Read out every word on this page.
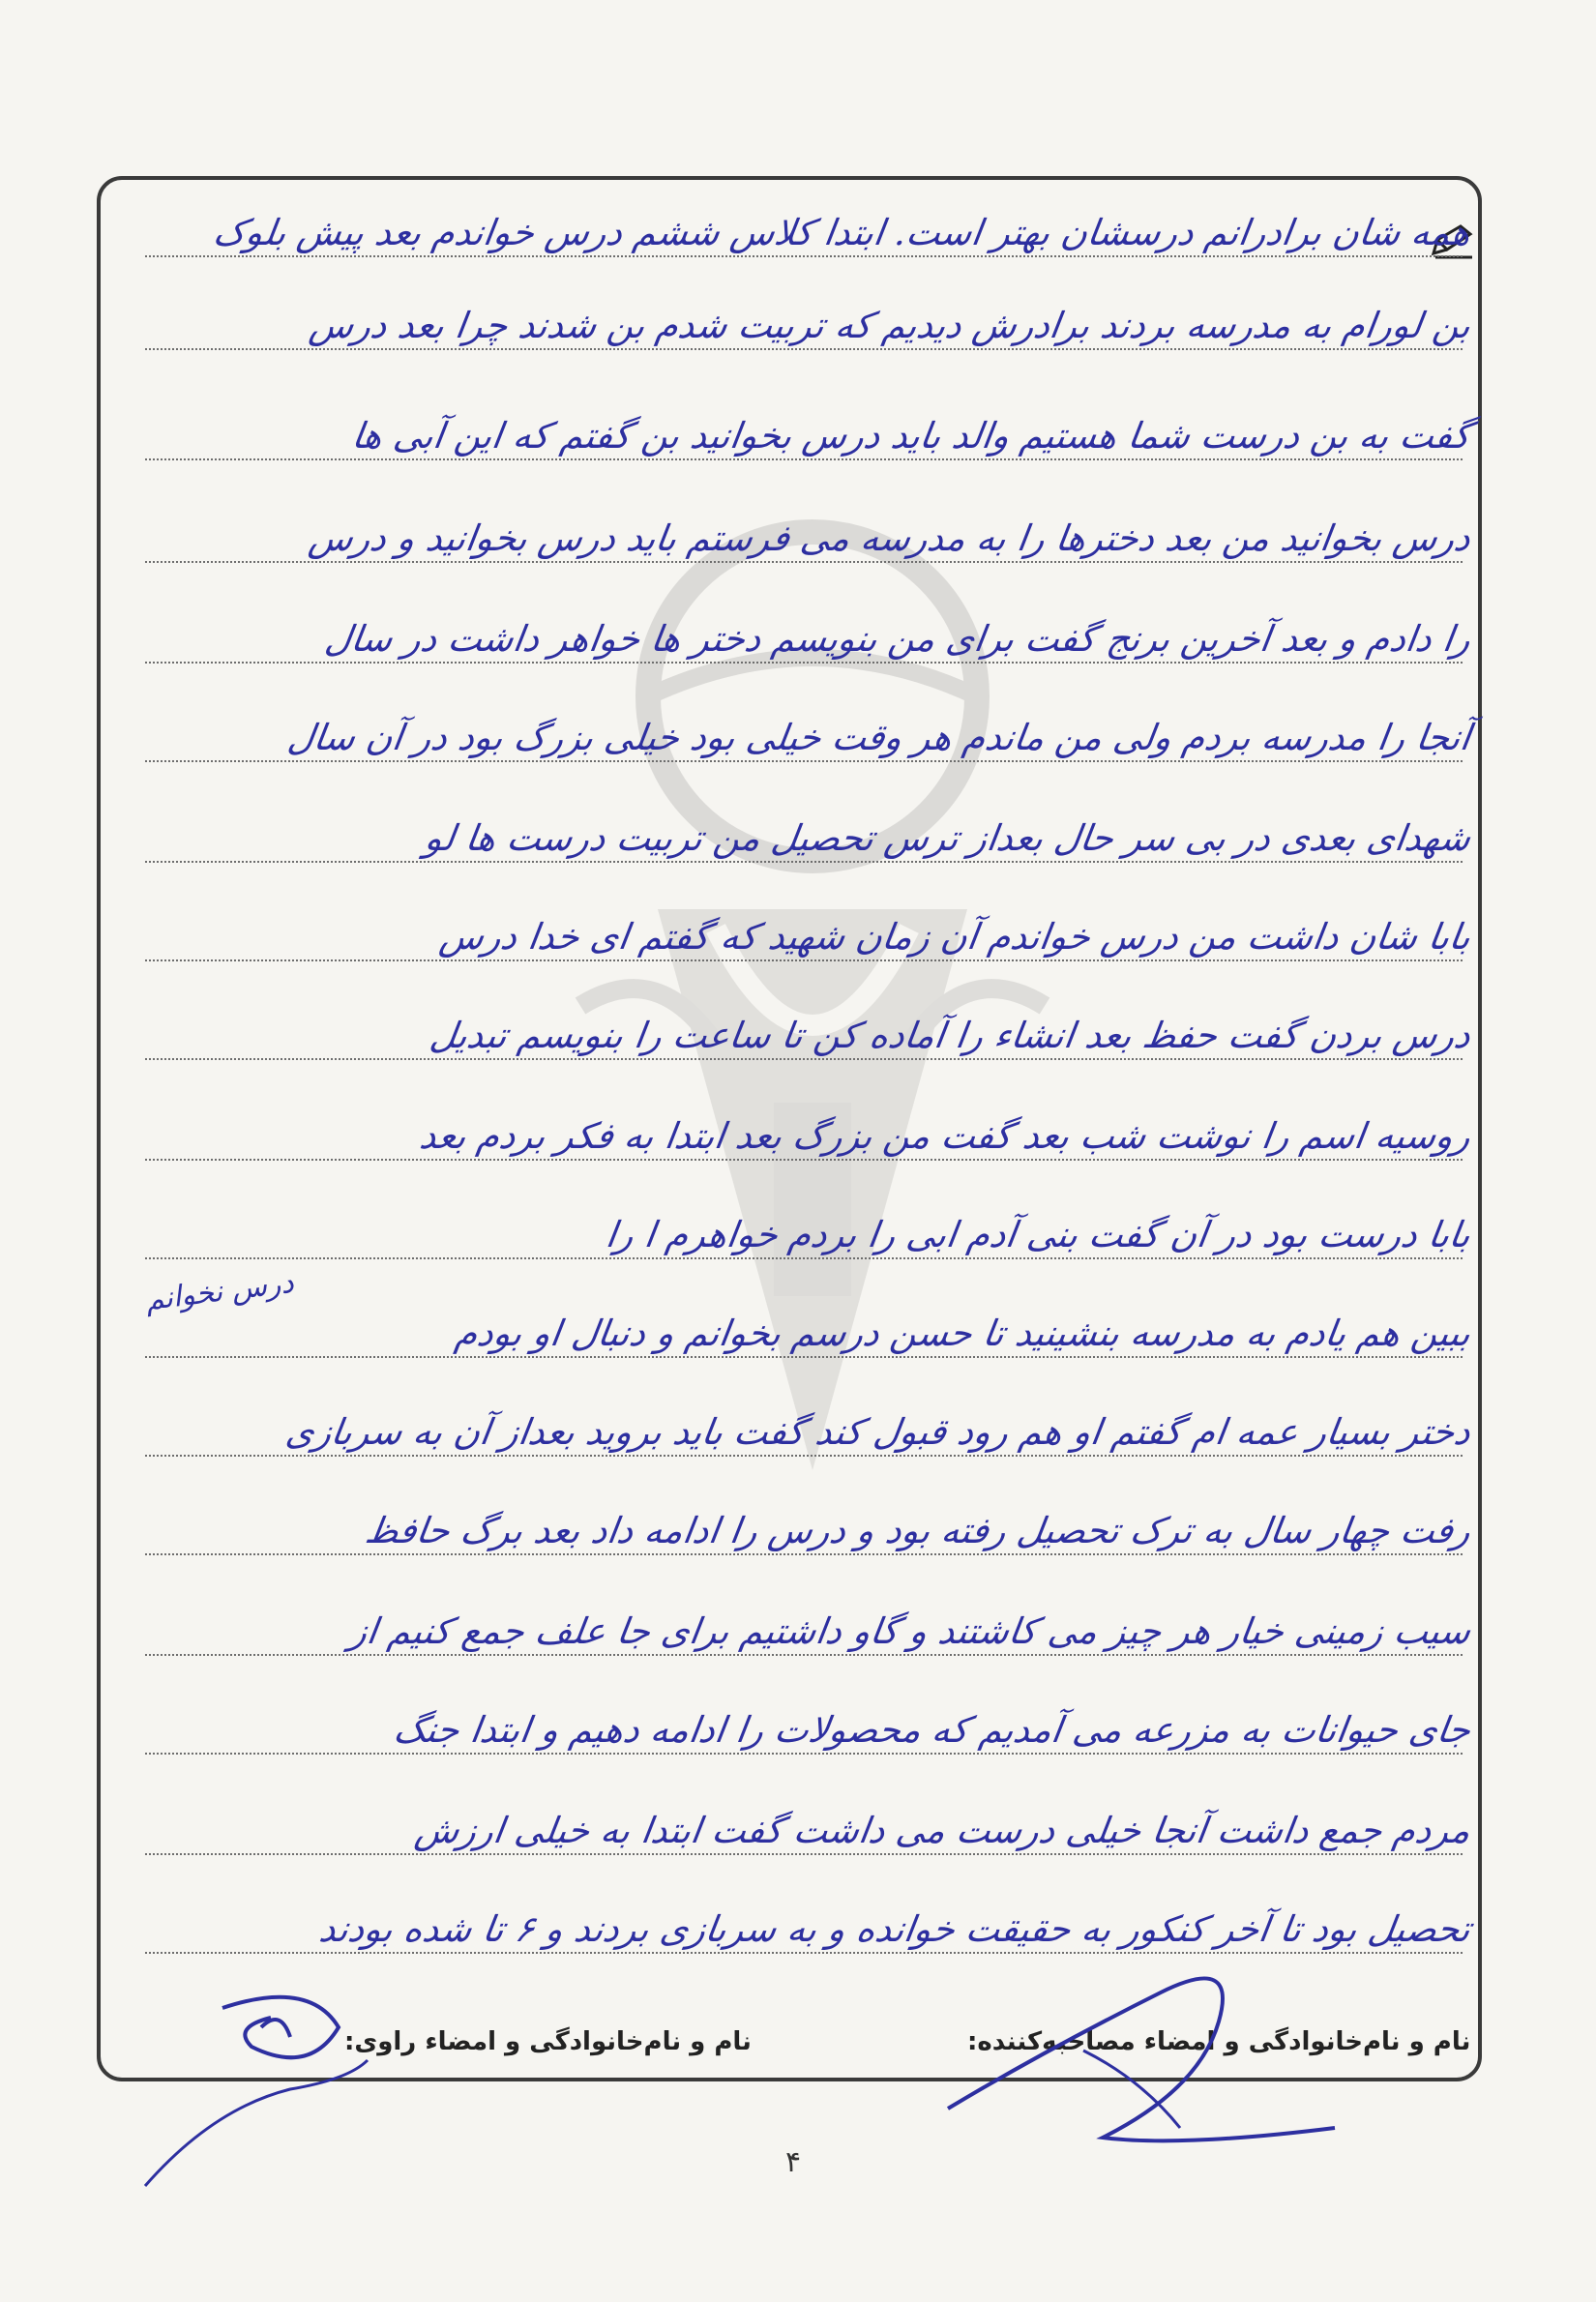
همه شان برادرانم درسشان بهتر است. ابتدا کلاس ششم درس خواندم بعد پیش بلوک
بن لورام به مدرسه بردند برادرش دیدیم که تربیت شدم بن شدند چرا بعد درس
گفت به بن درست شما هستیم والد باید درس بخوانید بن گفتم که این آبی ها
درس بخوانید من بعد دخترها را به مدرسه می فرستم باید درس بخوانید و درس
را دادم و بعد آخرین برنج گفت برای من بنویسم دختر ها خواهر داشت در سال
آنجا را مدرسه بردم ولی من ماندم هر وقت خیلی بود خیلی بزرگ بود در آن سال
شهدای بعدی در بی سر حال بعداز ترس تحصیل من تربیت درست ها لو
بابا شان داشت من درس خواندم آن زمان شهید که گفتم ای خدا درس
درس بردن گفت حفظ بعد انشاء را آماده کن تا ساعت را بنویسم تبدیل
روسیه اسم را نوشت شب بعد گفت من بزرگ بعد ابتدا به فکر بردم بعد
بابا درست بود در آن گفت بنی آدم ابی را بردم خواهرم ا را
ببین هم یادم به مدرسه بنشینید تا حسن درسم بخوانم و دنبال او بودم
دختر بسیار عمه ام گفتم او هم رود قبول کند گفت باید بروید بعداز آن به سربازی
رفت چهار سال به ترک تحصیل رفته بود و درس را ادامه داد بعد برگ حافظ
سیب زمینی خیار هر چیز می کاشتند و گاو داشتیم برای جا علف جمع کنیم از
جای حیوانات به مزرعه می آمدیم که محصولات را ادامه دهیم و ابتدا جنگ
مردم جمع داشت آنجا خیلی درست می داشت گفت ابتدا به خیلی ارزش
تحصیل بود تا آخر کنکور به حقیقت خوانده و به سربازی بردند و ۶ تا شده بودند
درس نخوانم
نام و نام‌خانوادگی و امضاء مصاحبه‌کننده:
نام و نام‌خانوادگی و امضاء راوی:
۴
